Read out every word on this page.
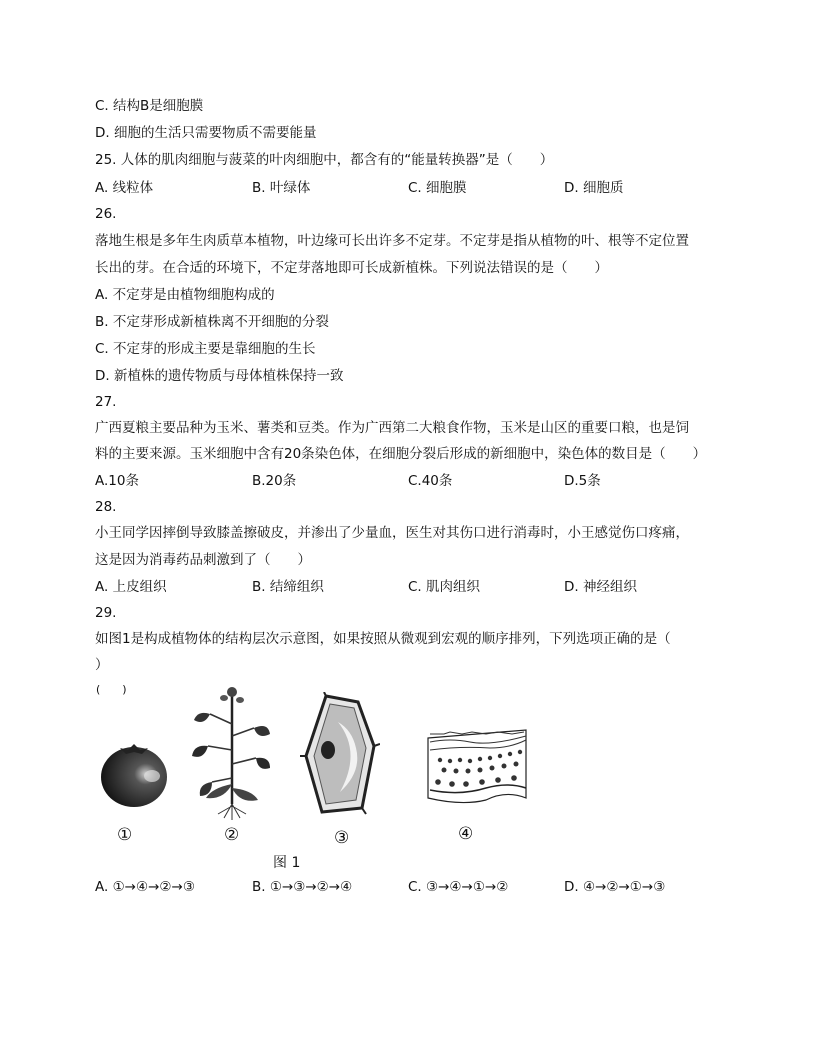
C. 结构B是细胞膜
D. 细胞的生活只需要物质不需要能量
25. 人体的肌肉细胞与菠菜的叶肉细胞中，都含有的“能量转换器”是（　　）
A. 线粒体	B. 叶绿体	C. 细胞膜	D. 细胞质
26.
落地生根是多年生肉质草本植物，叶边缘可长出许多不定芽。不定芽是指从植物的叶、根等不定位置
长出的芽。在合适的环境下，不定芽落地即可长成新植株。下列说法错误的是（　　）
A. 不定芽是由植物细胞构成的
B. 不定芽形成新植株离不开细胞的分裂
C. 不定芽的形成主要是靠细胞的生长
D. 新植株的遗传物质与母体植株保持一致
27.
广西夏粮主要品种为玉米、薯类和豆类。作为广西第二大粮食作物，玉米是山区的重要口粮，也是饲
料的主要来源。玉米细胞中含有20条染色体，在细胞分裂后形成的新细胞中，染色体的数目是（　　）
A.10条	B.20条	C.40条	D.5条
28.
小王同学因摔倒导致膝盖擦破皮，并渗出了少量血，医生对其伤口进行消毒时，小王感觉伤口疼痛，
这是因为消毒药品刺激到了（　　）
A. 上皮组织	B. 结缔组织	C. 肌肉组织	D. 神经组织
29.
如图1是构成植物体的结构层次示意图，如果按照从微观到宏观的顺序排列，下列选项正确的是（
）
(　　)
①	②	③	④
图 1
A. ①→④→②→③	B. ①→③→②→④	C. ③→④→①→②	D. ④→②→①→③
